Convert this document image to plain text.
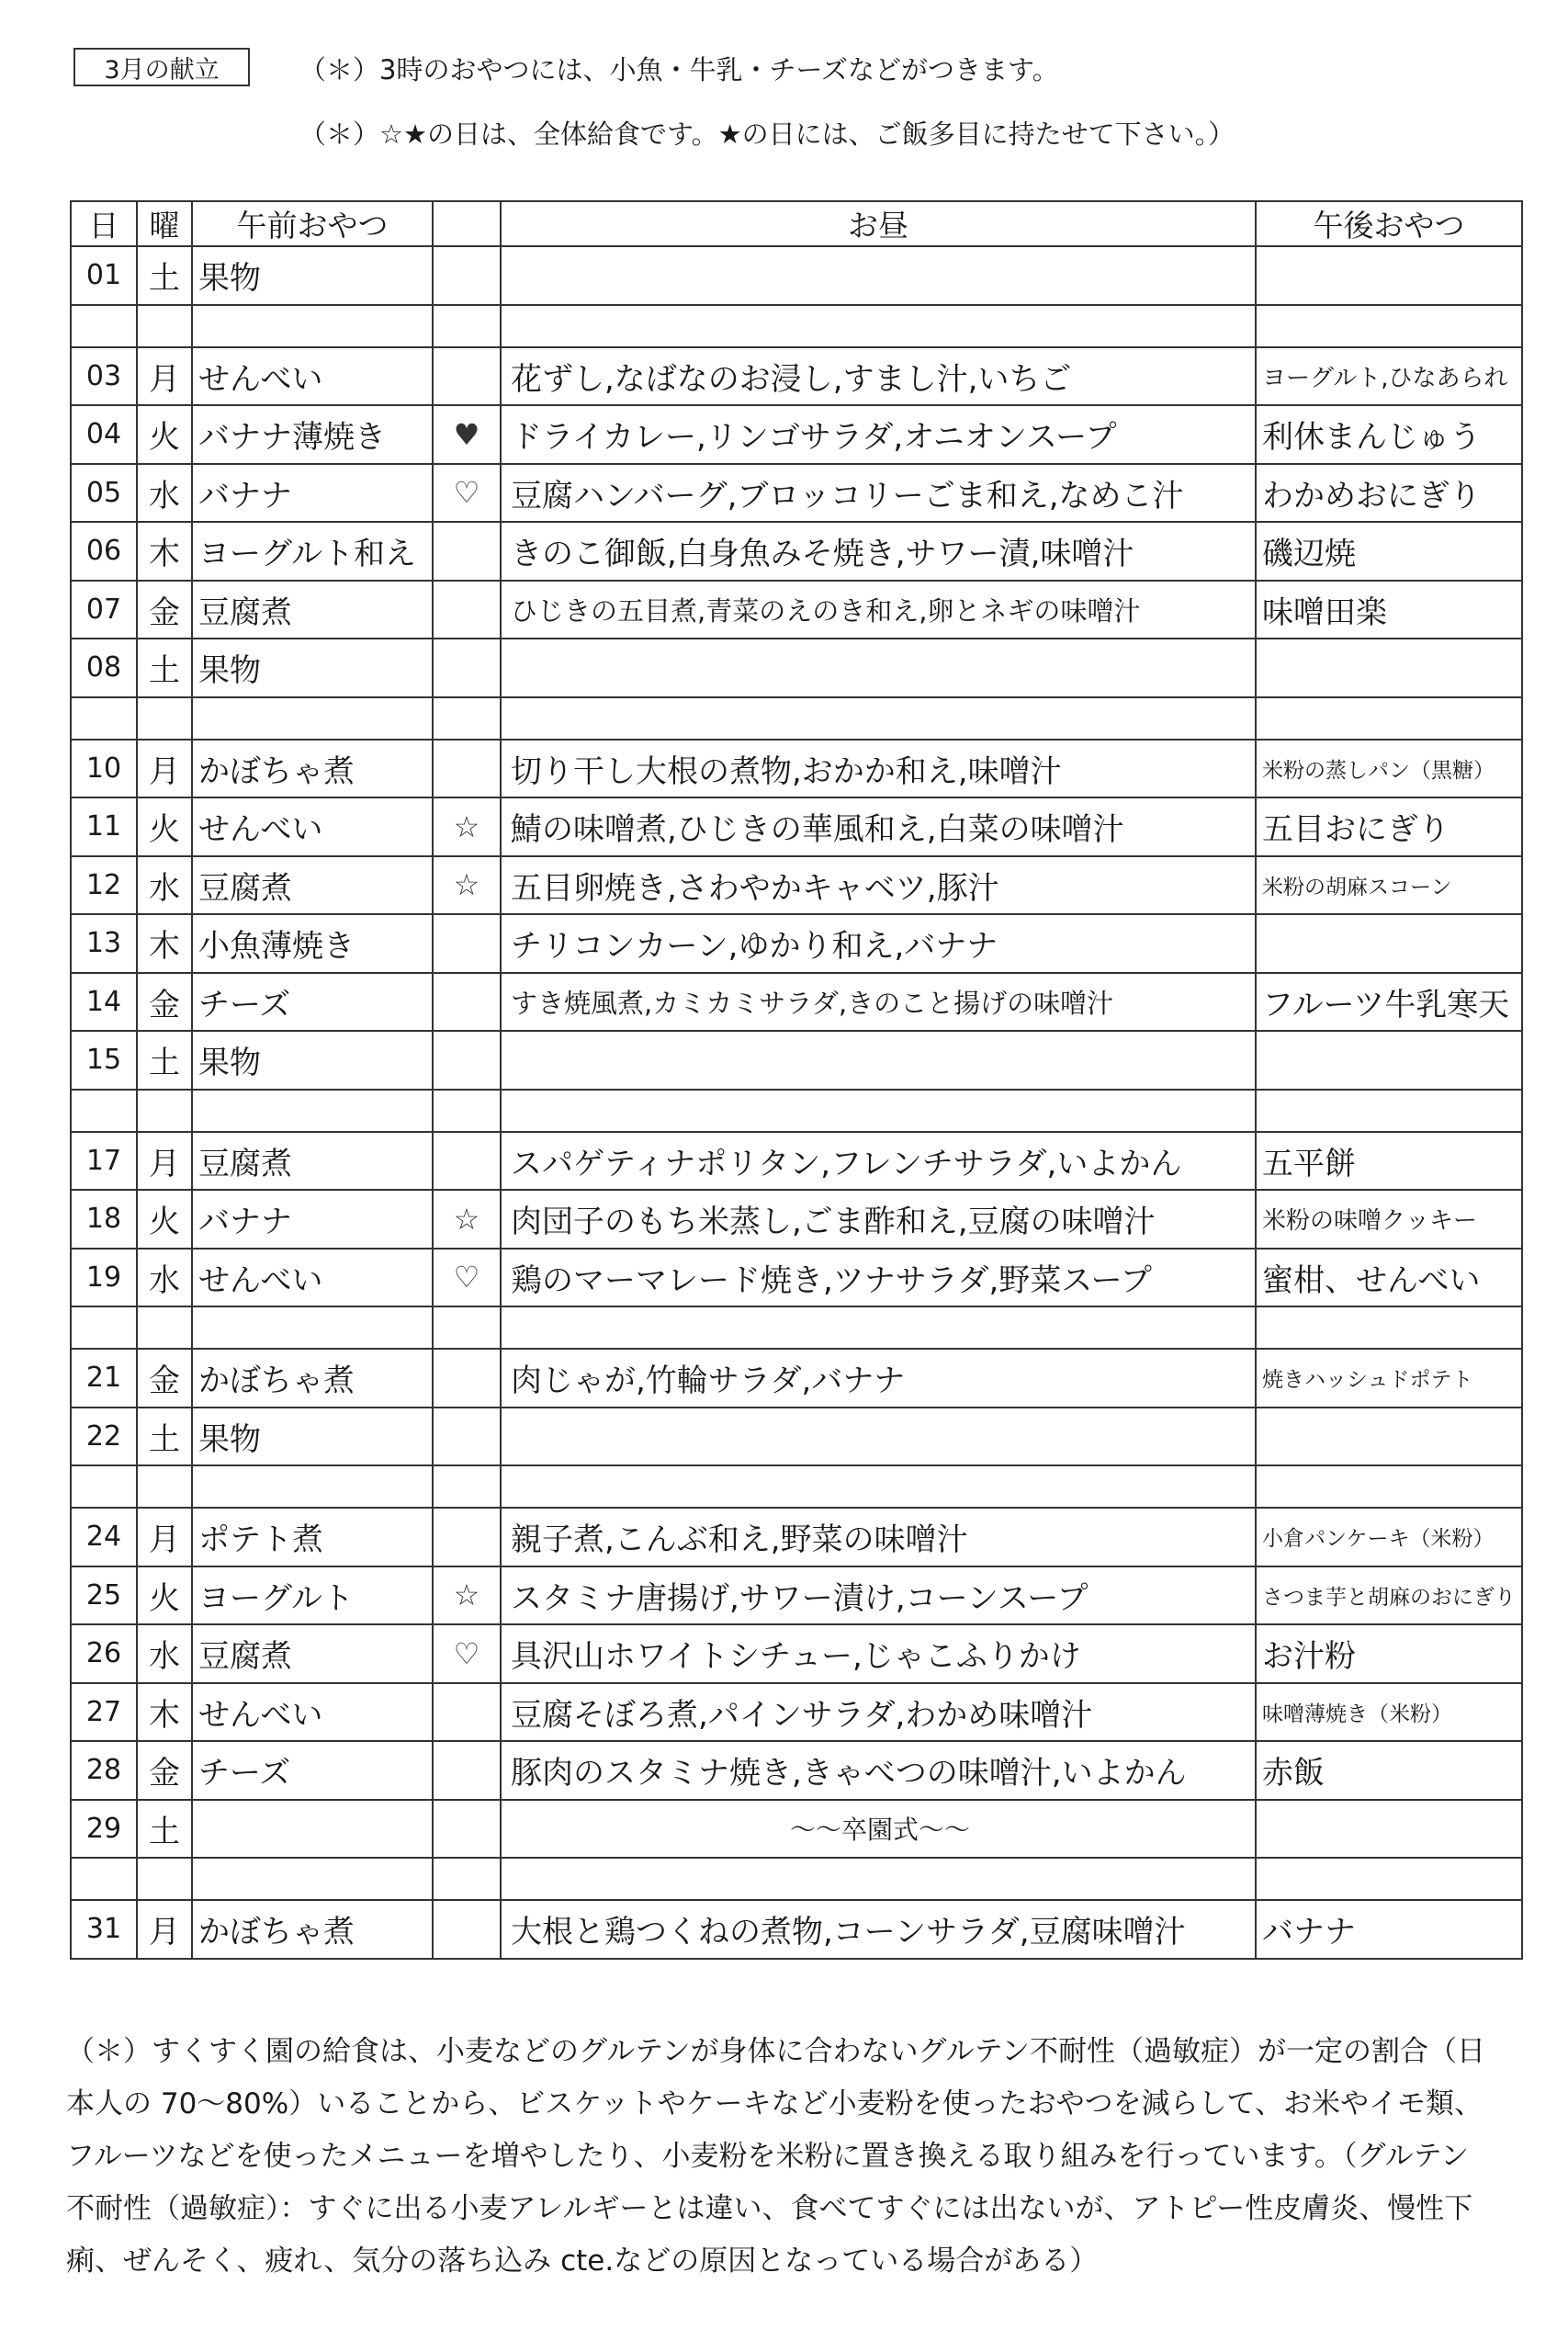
3月の献立	（＊）3時のおやつには、小魚・牛乳・チーズなどがつきます。
（＊）☆★の日は、全体給食です。★の日には、ご飯多目に持たせて下さい。）
日	曜	午前おやつ		お昼	午後おやつ
01	土	果物			

03	月	せんべい		花ずし,なばなのお浸し,すまし汁,いちご	ヨーグルト,ひなあられ
04	火	バナナ薄焼き	♥	ドライカレー,リンゴサラダ,オニオンスープ	利休まんじゅう
05	水	バナナ	♡	豆腐ハンバーグ,ブロッコリーごま和え,なめこ汁	わかめおにぎり
06	木	ヨーグルト和え		きのこ御飯,白身魚みそ焼き,サワー漬,味噌汁	磯辺焼
07	金	豆腐煮		ひじきの五目煮,青菜のえのき和え,卵とネギの味噌汁	味噌田楽
08	土	果物			

10	月	かぼちゃ煮		切り干し大根の煮物,おかか和え,味噌汁	米粉の蒸しパン（黒糖）
11	火	せんべい	☆	鯖の味噌煮,ひじきの華風和え,白菜の味噌汁	五目おにぎり
12	水	豆腐煮	☆	五目卵焼き,さわやかキャベツ,豚汁	米粉の胡麻スコーン
13	木	小魚薄焼き		チリコンカーン,ゆかり和え,バナナ	
14	金	チーズ		すき焼風煮,カミカミサラダ,きのこと揚げの味噌汁	フルーツ牛乳寒天
15	土	果物			

17	月	豆腐煮		スパゲティナポリタン,フレンチサラダ,いよかん	五平餅
18	火	バナナ	☆	肉団子のもち米蒸し,ごま酢和え,豆腐の味噌汁	米粉の味噌クッキー
19	水	せんべい	♡	鶏のマーマレード焼き,ツナサラダ,野菜スープ	蜜柑、せんべい

21	金	かぼちゃ煮		肉じゃが,竹輪サラダ,バナナ	焼きハッシュドポテト
22	土	果物			

24	月	ポテト煮		親子煮,こんぶ和え,野菜の味噌汁	小倉パンケーキ（米粉）
25	火	ヨーグルト	☆	スタミナ唐揚げ,サワー漬け,コーンスープ	さつま芋と胡麻のおにぎり
26	水	豆腐煮	♡	具沢山ホワイトシチュー,じゃこふりかけ	お汁粉
27	木	せんべい		豆腐そぼろ煮,パインサラダ,わかめ味噌汁	味噌薄焼き（米粉）
28	金	チーズ		豚肉のスタミナ焼き,きゃべつの味噌汁,いよかん	赤飯
29	土			～～卒園式～～	

31	月	かぼちゃ煮		大根と鶏つくねの煮物,コーンサラダ,豆腐味噌汁	バナナ
（＊）すくすく園の給食は、小麦などのグルテンが身体に合わないグルテン不耐性（過敏症）が一定の割合（日
本人の 70～80%）いることから、ビスケットやケーキなど小麦粉を使ったおやつを減らして、お米やイモ類、
フルーツなどを使ったメニューを増やしたり、小麦粉を米粉に置き換える取り組みを行っています。（グルテン
不耐性（過敏症）：すぐに出る小麦アレルギーとは違い、食べてすぐには出ないが、アトピー性皮膚炎、慢性下
痢、ぜんそく、疲れ、気分の落ち込み cte.などの原因となっている場合がある）
